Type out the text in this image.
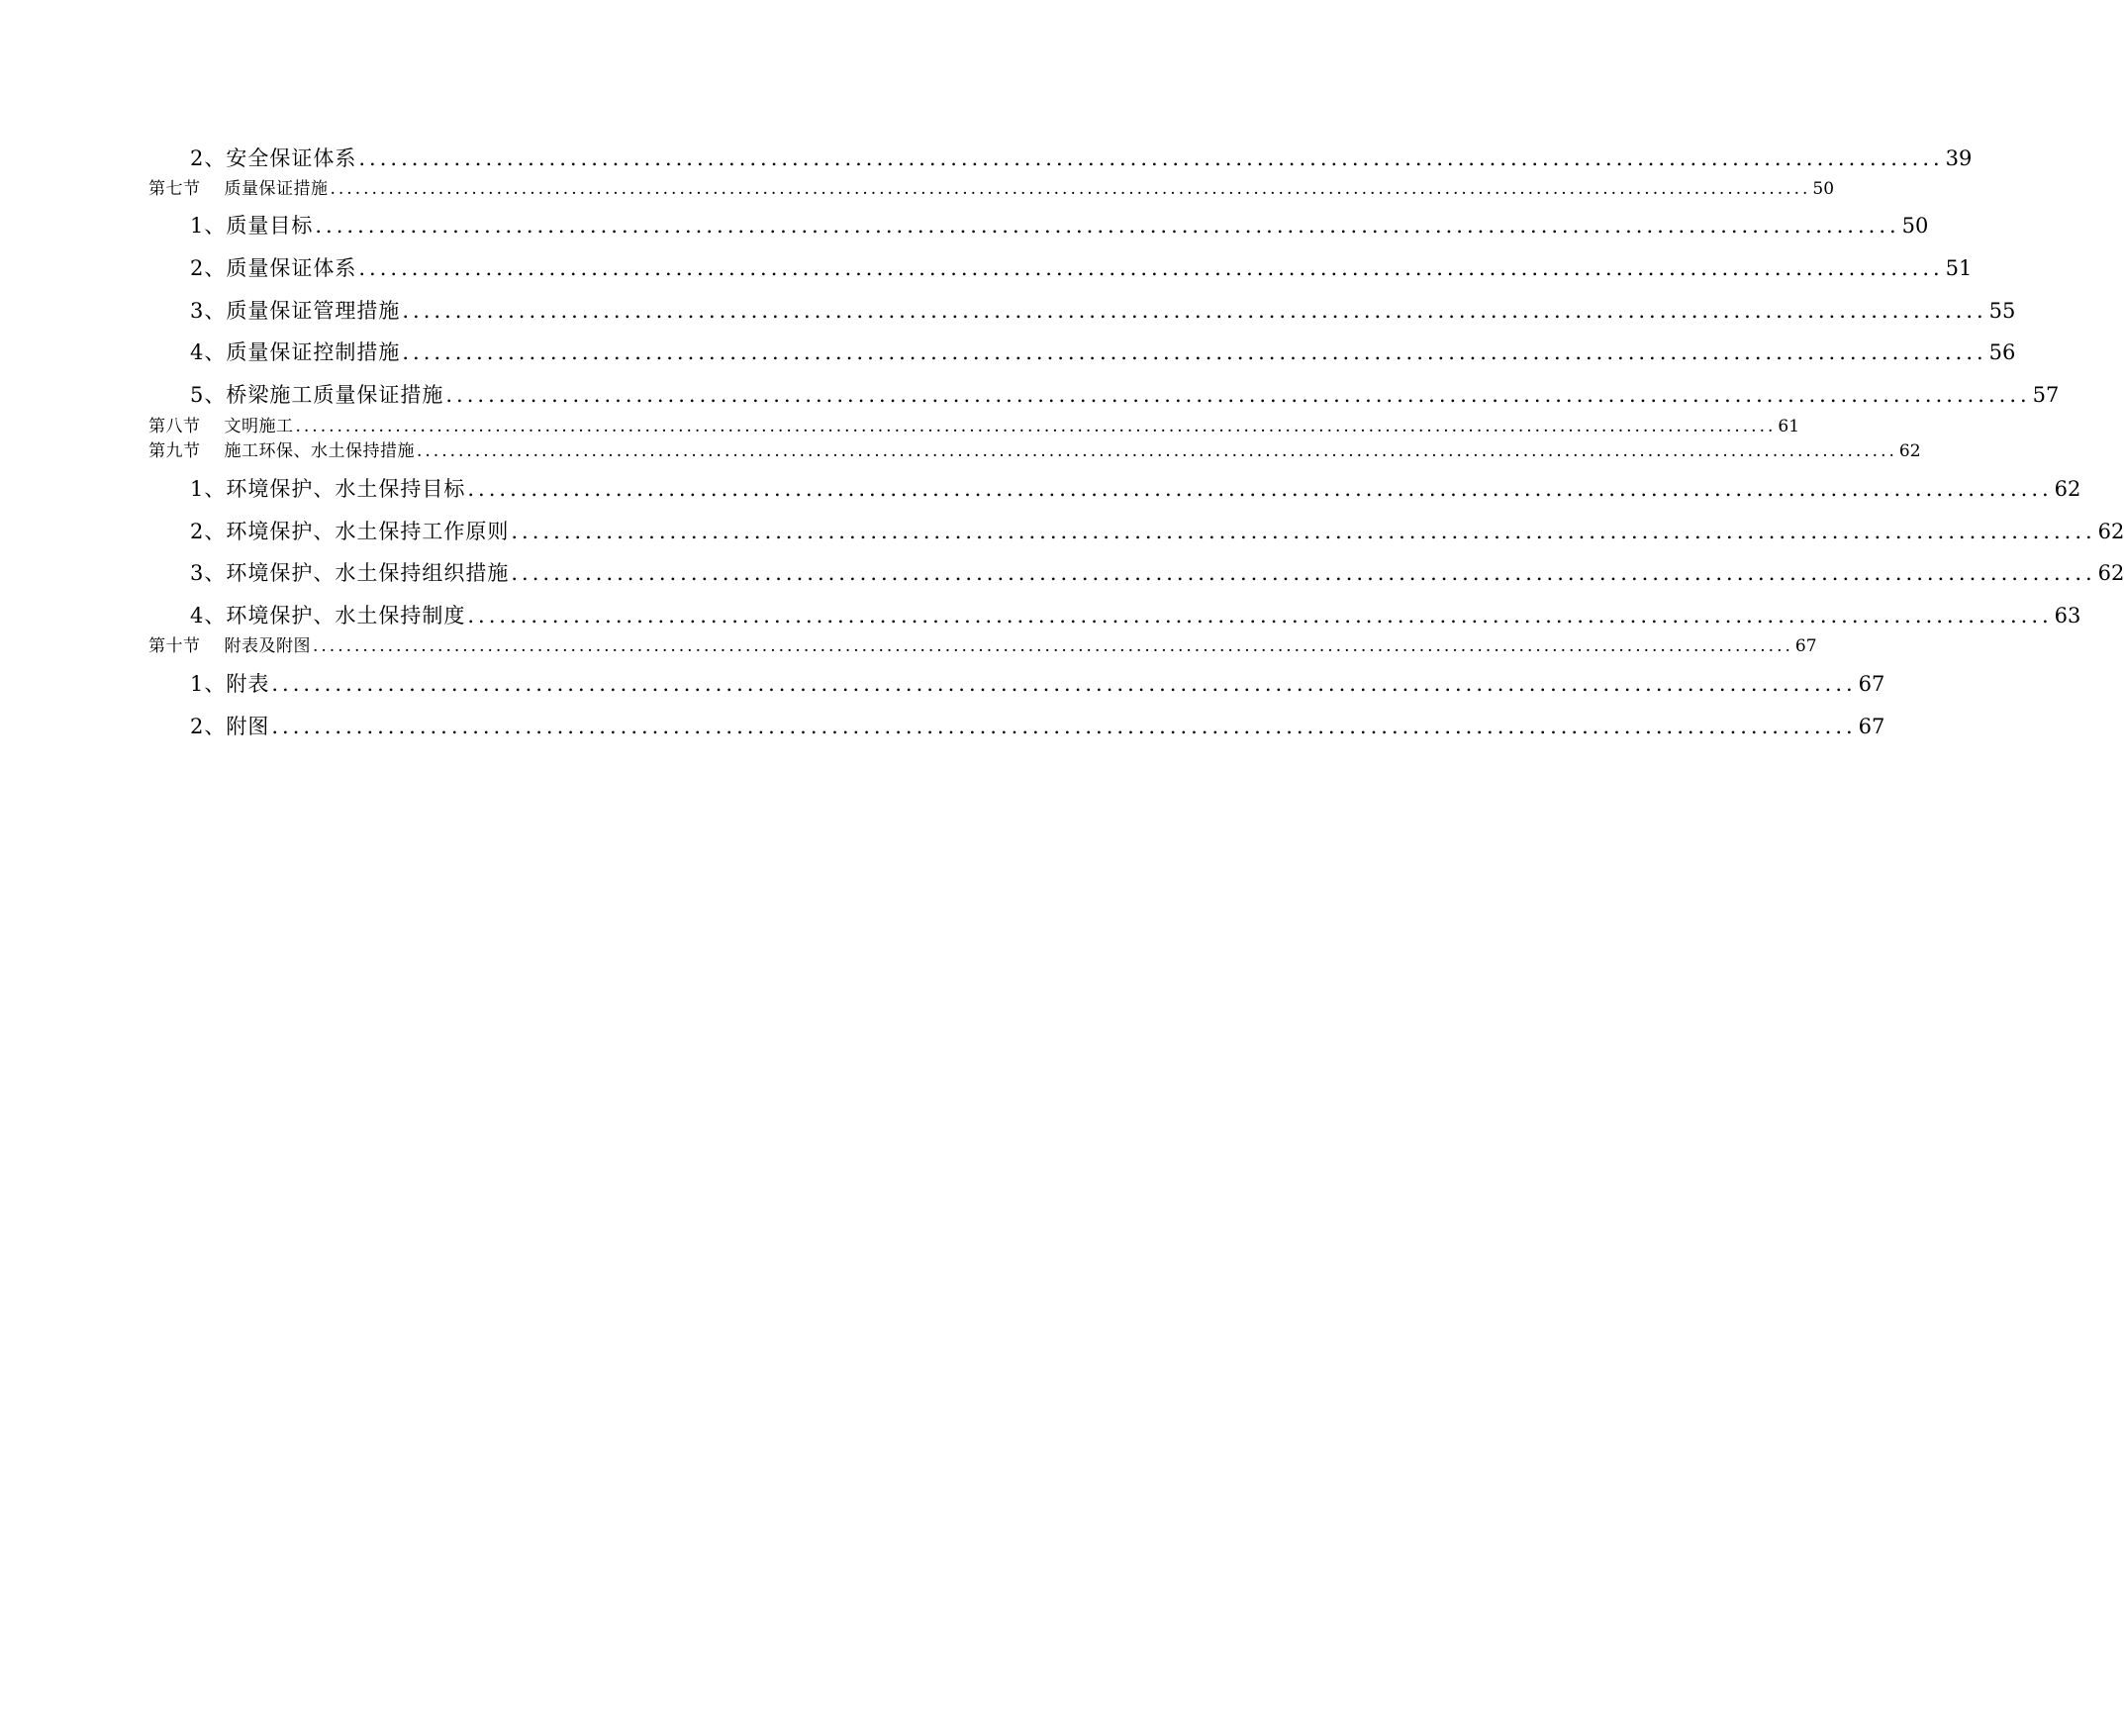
2、安全保证体系 ...................................................................................................................................................... 39
第七节 质量保证措施 .................................................................................................................................................................................. 50
1、质量目标 ...................................................................................................................................................... 50
2、质量保证体系 ...................................................................................................................................................... 51
3、质量保证管理措施 ...................................................................................................................................................... 55
4、质量保证控制措施 ...................................................................................................................................................... 56
5、桥梁施工质量保证措施 ...................................................................................................................................................... 57
第八节 文明施工 .................................................................................................................................................................................. 61
第九节 施工环保、水土保持措施 .................................................................................................................................................................................. 62
1、环境保护、水土保持目标 ...................................................................................................................................................... 62
2、环境保护、水土保持工作原则 ...................................................................................................................................................... 62
3、环境保护、水土保持组织措施 ...................................................................................................................................................... 62
4、环境保护、水土保持制度 ...................................................................................................................................................... 63
第十节 附表及附图 .................................................................................................................................................................................. 67
1、附表 ...................................................................................................................................................... 67
2、附图 ...................................................................................................................................................... 67
